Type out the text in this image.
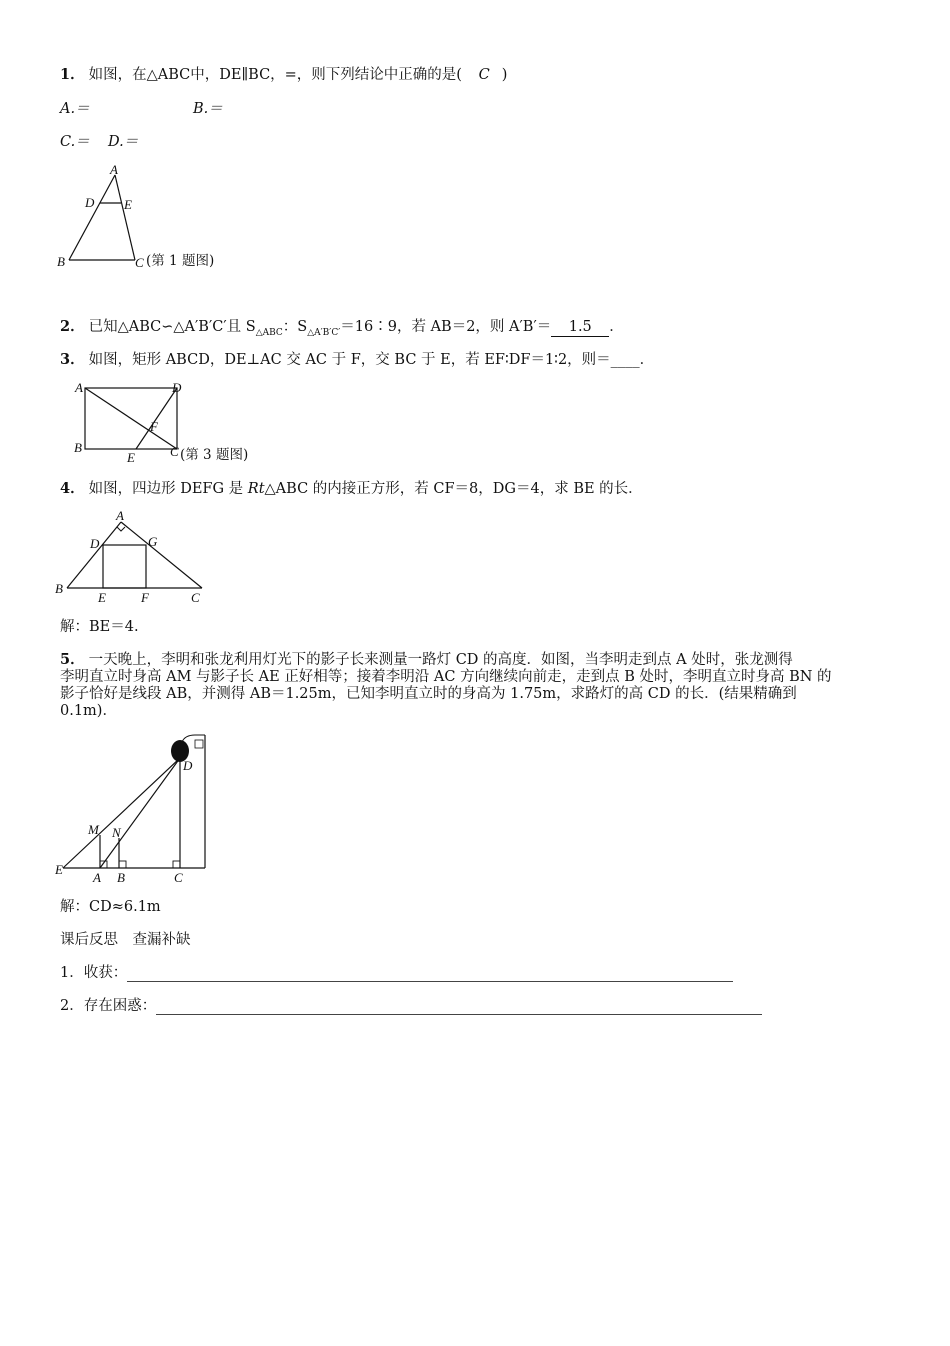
1． 如图，在△ABC中，DE∥BC，=，则下列结论中正确的是( C )
A.＝	B.＝
C.＝ D.＝
A
D E
B	C (第 1 题图)
2． 已知△ABC∽△A′B′C′且 $S_{\triangle ABC}$：$S_{\triangle A'B'C'}=16∶9$，若 AB＝2，则 A′B′＝ 1.5 ．
3． 如图，矩形 ABCD，DE⊥AC 交 AC 于 F，交 BC 于 E，若 EF∶DF＝1∶2，则＝____．
A	D
B	C
F
E	(第 3 题图)
4． 如图，四边形 DEFG 是 Rt△ABC 的内接正方形，若 CF＝8，DG＝4，求 BE 的长．
A
D	G
B
E	F	C
解：BE＝4.
5． 一天晚上，李明和张龙利用灯光下的影子长来测量一路灯 CD 的高度．如图，当李明走到点 A 处时，张龙测得
李明直立时身高 AM 与影子长 AE 正好相等；接着李明沿 AC 方向继续向前走，走到点 B 处时，李明直立时身高 BN 的
影子恰好是线段 AB，并测得 AB＝1.25m，已知李明直立时的身高为 1.75m，求路灯的高 CD 的长．(结果精确到
0.1m)．
D
M N
E
A B	C
解：CD≈6.1m
课后反思　查漏补缺
1．收获：
2．存在困惑：
